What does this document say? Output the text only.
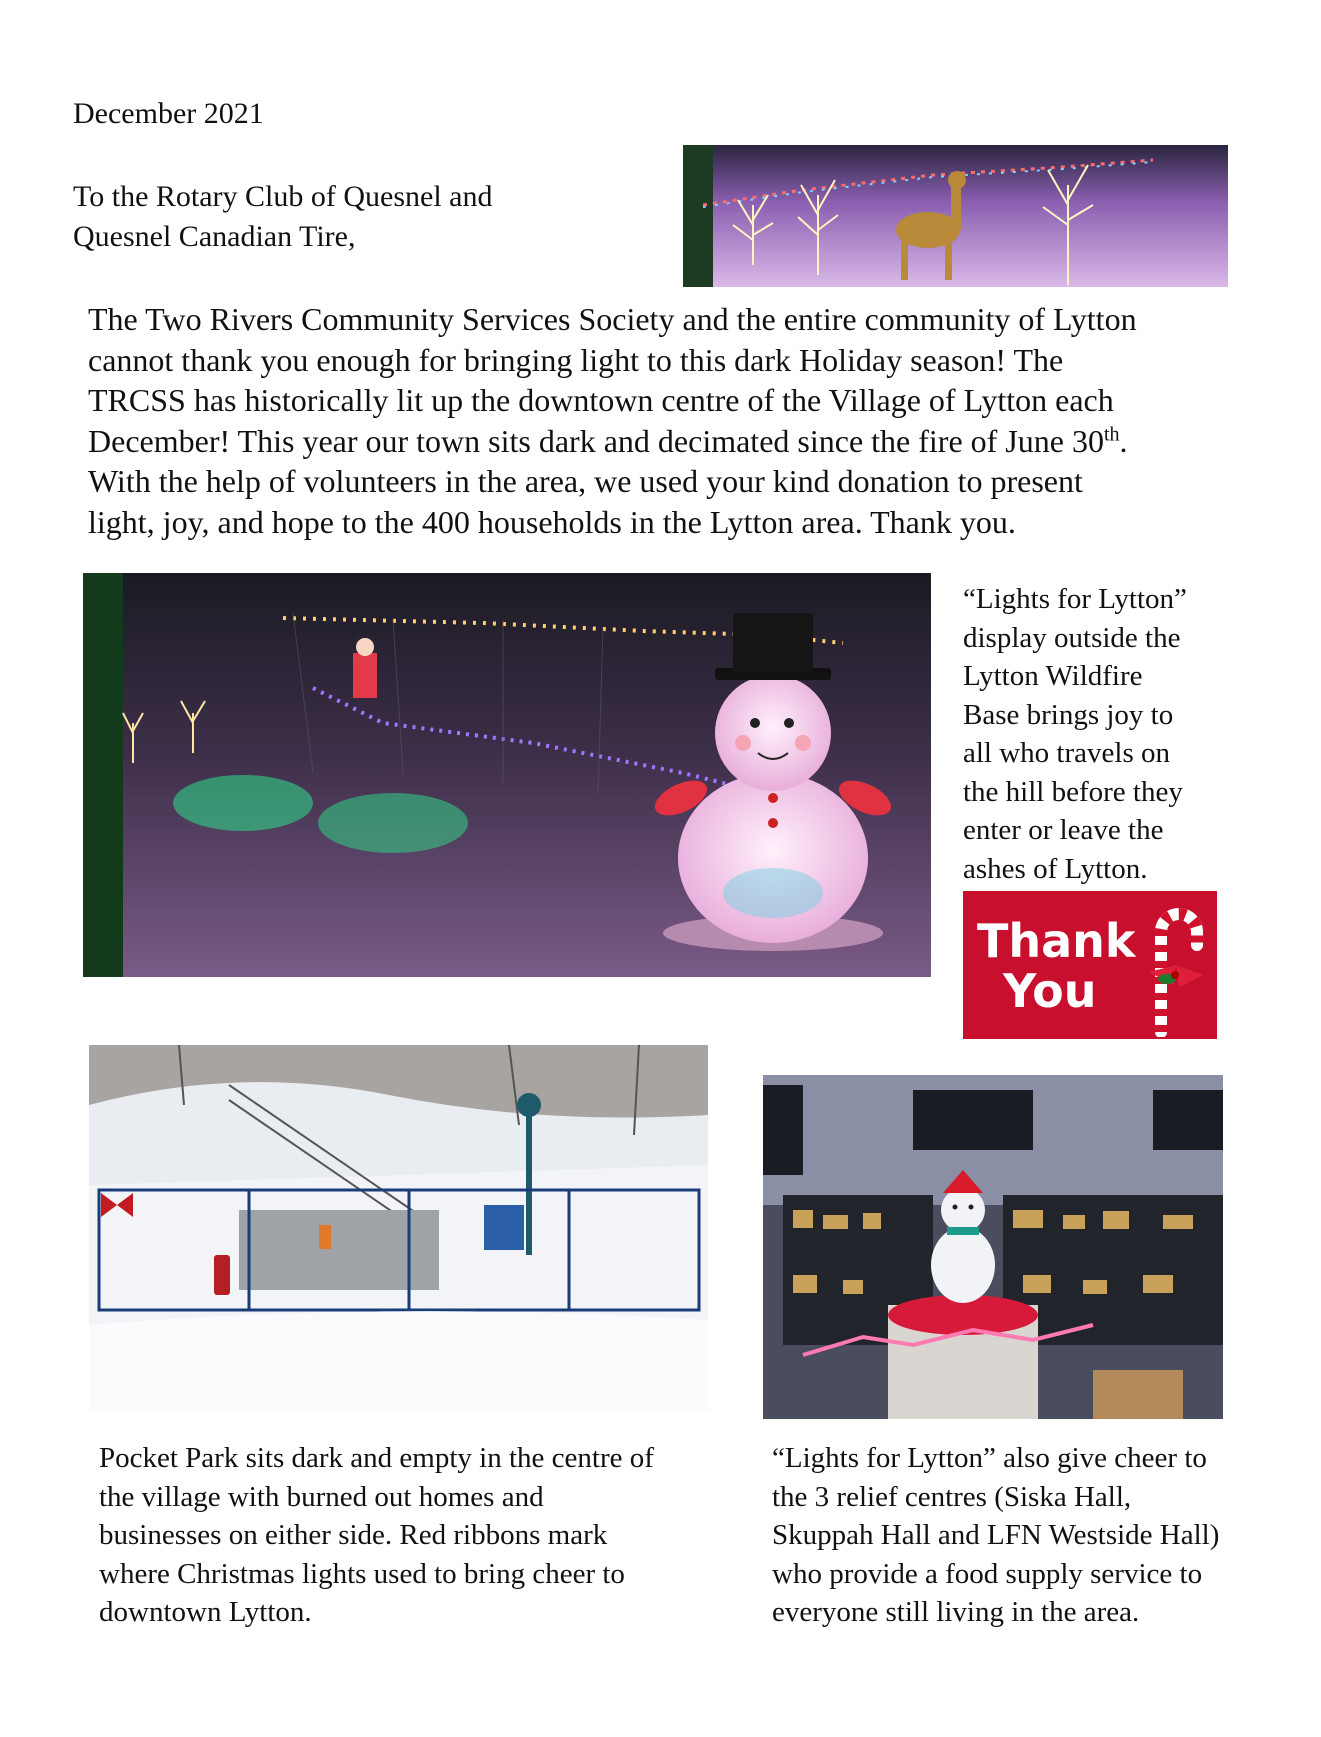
December 2021
To the Rotary Club of Quesnel and
Quesnel Canadian Tire,
The Two Rivers Community Services Society and the entire community of Lytton
cannot thank you enough for bringing light to this dark Holiday season! The
TRCSS has historically lit up the downtown centre of the Village of Lytton each
December! This year our town sits dark and decimated since the fire of June 30th.
With the help of volunteers in the area, we used your kind donation to present
light, joy, and hope to the 400 households in the Lytton area. Thank you.
“Lights for Lytton”
display outside the
Lytton Wildfire
Base brings joy to
all who travels on
the hill before they
enter or leave the
ashes of Lytton.
Thank
You
Pocket Park sits dark and empty in the centre of
the village with burned out homes and
businesses on either side. Red ribbons mark
where Christmas lights used to bring cheer to
downtown Lytton.
“Lights for Lytton” also give cheer to
the 3 relief centres (Siska Hall,
Skuppah Hall and LFN Westside Hall)
who provide a food supply service to
everyone still living in the area.
